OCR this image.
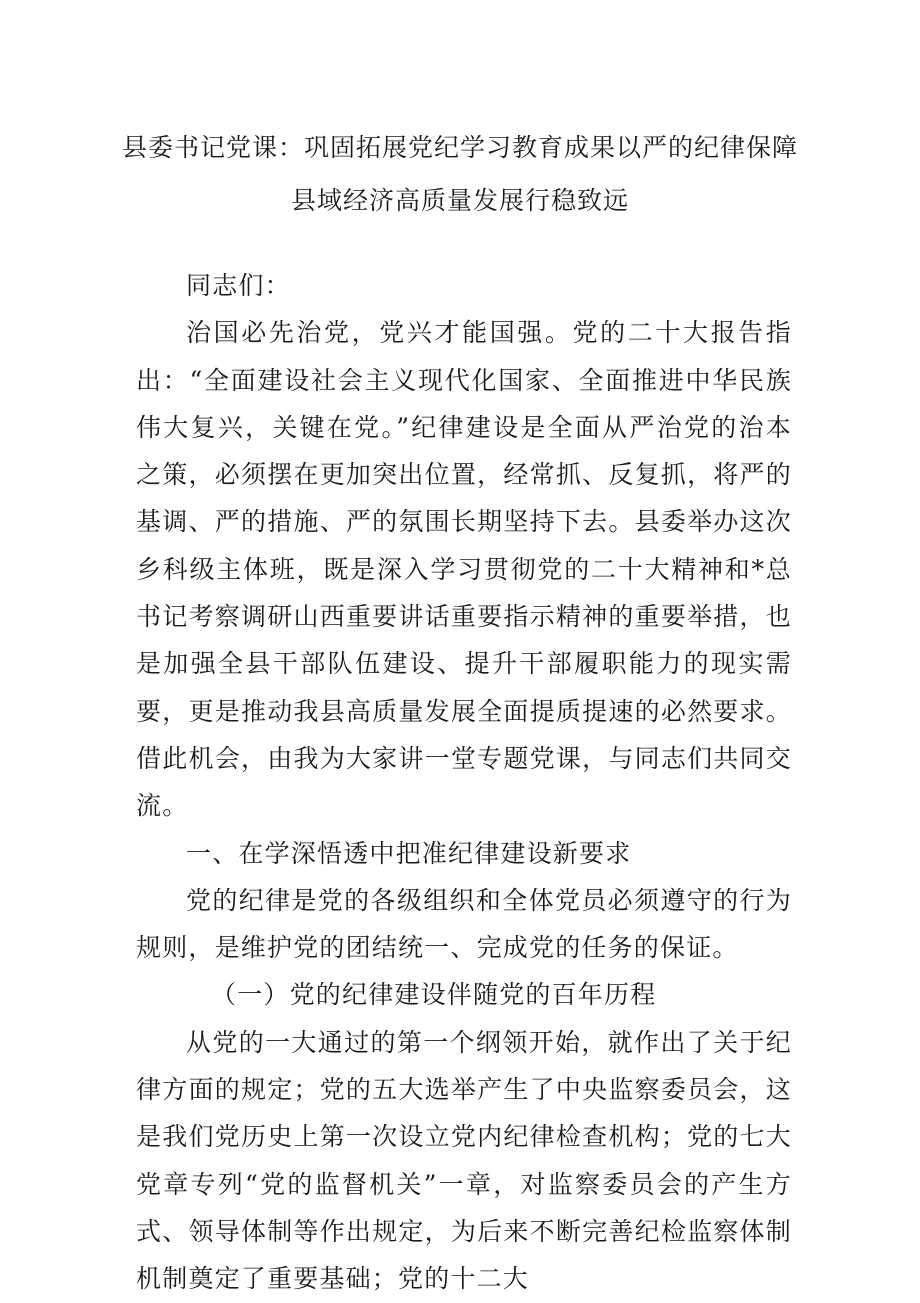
县委书记党课：巩固拓展党纪学习教育成果以严的纪律保障
县域经济高质量发展行稳致远

同志们：

治国必先治党，党兴才能国强。党的二十大报告指出：“全面建设社会主义现代化国家、全面推进中华民族伟大复兴，关键在党。”纪律建设是全面从严治党的治本之策，必须摆在更加突出位置，经常抓、反复抓，将严的基调、严的措施、严的氛围长期坚持下去。县委举办这次乡科级主体班，既是深入学习贯彻党的二十大精神和*总书记考察调研山西重要讲话重要指示精神的重要举措，也是加强全县干部队伍建设、提升干部履职能力的现实需要，更是推动我县高质量发展全面提质提速的必然要求。借此机会，由我为大家讲一堂专题党课，与同志们共同交流。

一、在学深悟透中把准纪律建设新要求

党的纪律是党的各级组织和全体党员必须遵守的行为规则，是维护党的团结统一、完成党的任务的保证。

（一）党的纪律建设伴随党的百年历程

从党的一大通过的第一个纲领开始，就作出了关于纪律方面的规定；党的五大选举产生了中央监察委员会，这是我们党历史上第一次设立党内纪律检查机构；党的七大党章专列“党的监督机关”一章，对监察委员会的产生方式、领导体制等作出规定，为后来不断完善纪检监察体制机制奠定了重要基础；党的十二大
